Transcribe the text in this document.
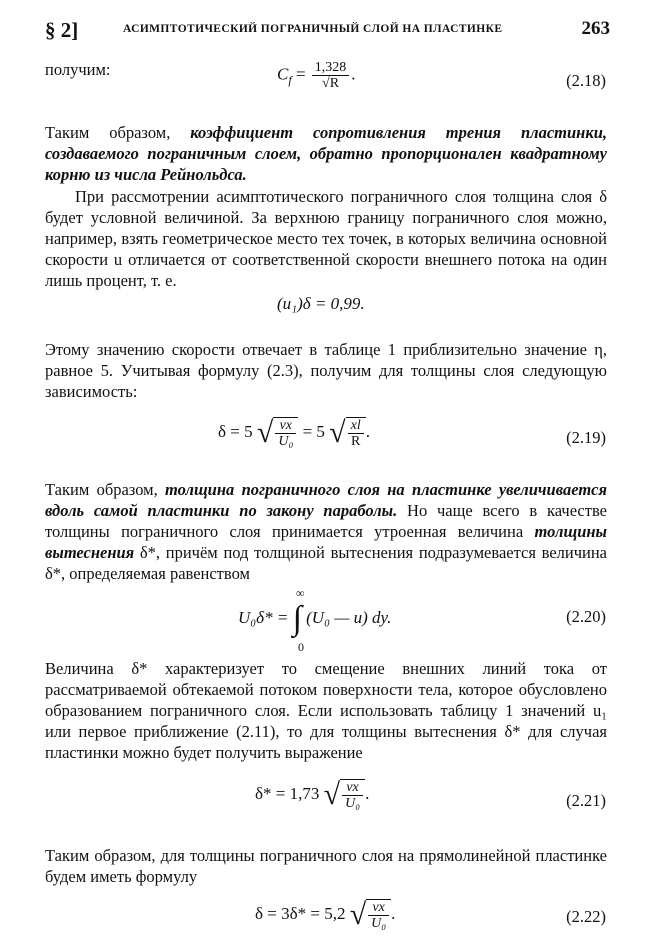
§ 2]	АСИМПТОТИЧЕСКИЙ ПОГРАНИЧНЫЙ СЛОЙ НА ПЛАСТИНКЕ	263
получим:	$C_f = \frac{1,328}{√R}$ .	(2.18)
Таким образом, коэффициент сопротивления трения пластинки, создаваемого пограничным слоем, обратно пропорционален квадратному корню из числа Рейнольдса.
При рассмотрении асимптотического пограничного слоя толщина слоя δ будет условной величиной. За верхнюю границу пограничного слоя можно, например, взять геометрическое место тех точек, в которых величина основной скорости u отличается от соответственной скорости внешнего потока на один лишь процент, т. е.
(u₁)δ = 0,99.
Этому значению скорости отвечает в таблице 1 приблизительно значение η, равное 5. Учитывая формулу (2.3), получим для толщины слоя следующую зависимость:
δ = 5 √ $\frac{\nu x}{\text{U₀}} = 5$ √ $\frac{xl}{R}$ .	(2.19)
Таким образом, толщина пограничного слоя на пластинке увеличивается вдоль самой пластинки по закону параболы. Но чаще всего в качестве толщины пограничного слоя принимается утроенная величина толщины вытеснения δ*, причём под толщиной вытеснения подразумевается величина δ*, определяемая равенством
U₀δ* = ∫ (U₀ — u) dy.
∞
0
(2.20)
Величина δ* характеризует то смещение внешних линий тока от рассматриваемой обтекаемой потоком поверхности тела, которое обусловлено образованием пограничного слоя. Если использовать таблицу 1 значений u₁ или первое приближение (2.11), то для толщины вытеснения δ* для случая пластинки можно будет получить выражение
δ* = 1,73 √ $\frac{\nu x}{\text{U₀}}$ .	(2.21)
Таким образом, для толщины пограничного слоя на прямолинейной пластинке будем иметь формулу
δ = 3δ* = 5,2 √ $\frac{\nu x}{\text{U₀}}$ .	(2.22)
